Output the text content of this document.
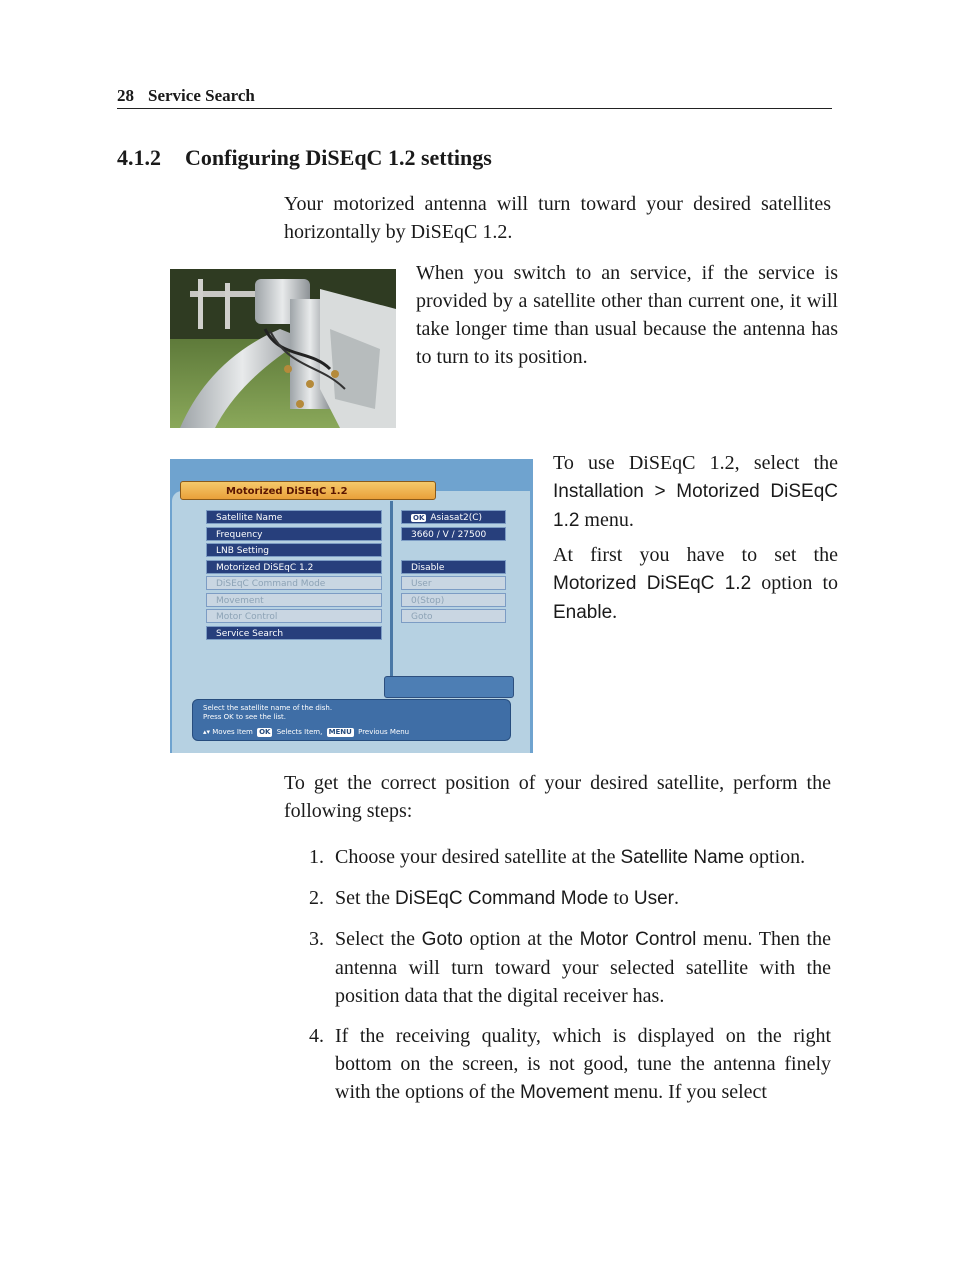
28 Service Search
4.1.2 Configuring DiSEqC 1.2 settings

Your motorized antenna will turn toward your desired satellites horizontally by DiSEqC 1.2.

When you switch to an service, if the service is provided by a satellite other than current one, it will take longer time than usual because the antenna has to turn to its position.

Motorized DiSEqC 1.2
Satellite Name
Frequency
LNB Setting
Motorized DiSEqC 1.2
DiSEqC Command Mode
Movement
Motor Control
Service Search
OK Asiasat2(C)
3660 / V / 27500
Disable
User
0(Stop)
Goto
Select the satellite name of the dish.
Press OK to see the list.
▴▾ Moves Item OK Selects Item, MENU Previous Menu

To use DiSEqC 1.2, select the Installation > Motorized DiSEqC 1.2 menu.

At first you have to set the Motorized DiSEqC 1.2 option to Enable.

To get the correct position of your desired satellite, perform the following steps:

1. Choose your desired satellite at the Satellite Name option.
2. Set the DiSEqC Command Mode to User.
3. Select the Goto option at the Motor Control menu. Then the antenna will turn toward your selected satellite with the position data that the digital receiver has.
4. If the receiving quality, which is displayed on the right bottom on the screen, is not good, tune the antenna finely with the options of the Movement menu. If you select
